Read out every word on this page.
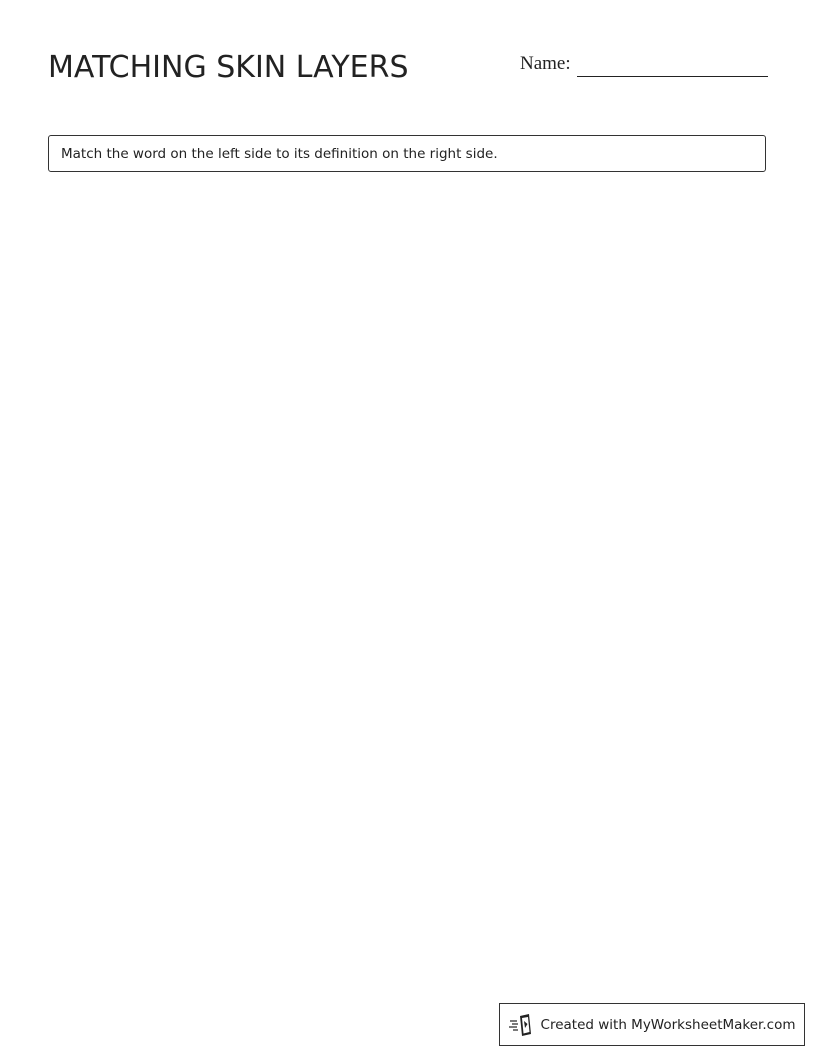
MATCHING SKIN LAYERS	Name:
Match the word on the left side to its definition on the right side.
Created with MyWorksheetMaker.com
